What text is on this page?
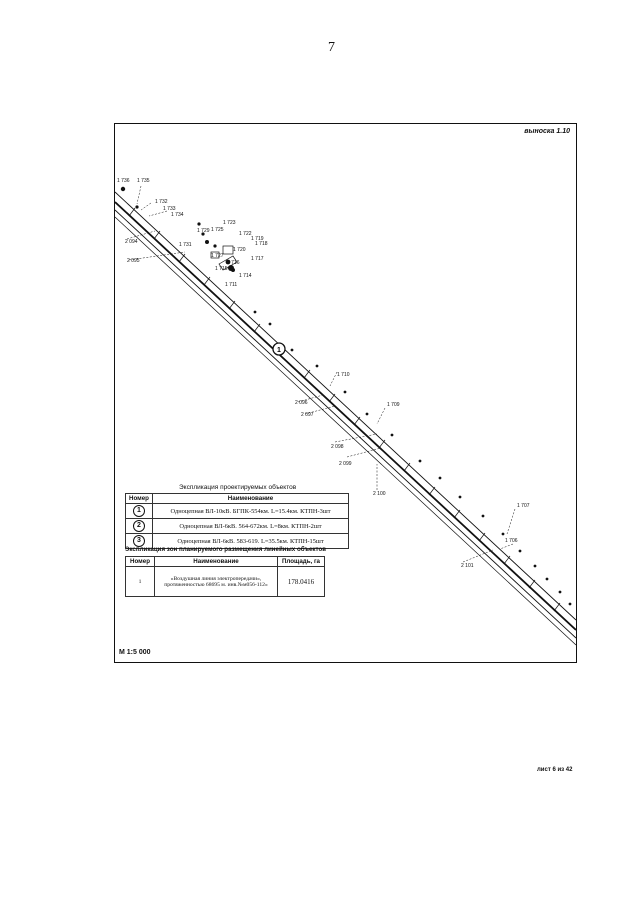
7
выноска 1.10
1
1 736 1 735
1 732
1 733
1 734
2 094	1 731
2 095
1 729 1 725
1 723
1 722
1 719
1 718
1 720
1 727	1 717
1 716
1 715
1 714
1 711
1 710
1 709
2 096
2 097
2 098
2 099
2 100
1 707
1 706
2 101
Экспликация проектируемых объектов
Номер	Наименование
1	Одноцепная ВЛ-10кВ. БГПК-554км. L=15.4км. КТПН-3шт
2	Одноцепная ВЛ-6кВ. 564-672км. L=8км. КТПН-2шт
3	Одноцепная ВЛ-6кВ. 583-619. L=35.5км. КТПН-15шт
Экспликация зон планируемого размещения линейных объектов
Номер	Наименование	Площадь, га
1	«Воздушная линия электропередачи», протяженностью 68695 м. инв.№м056-112»	178.0416
М 1:5 000
лист 6 из 42
